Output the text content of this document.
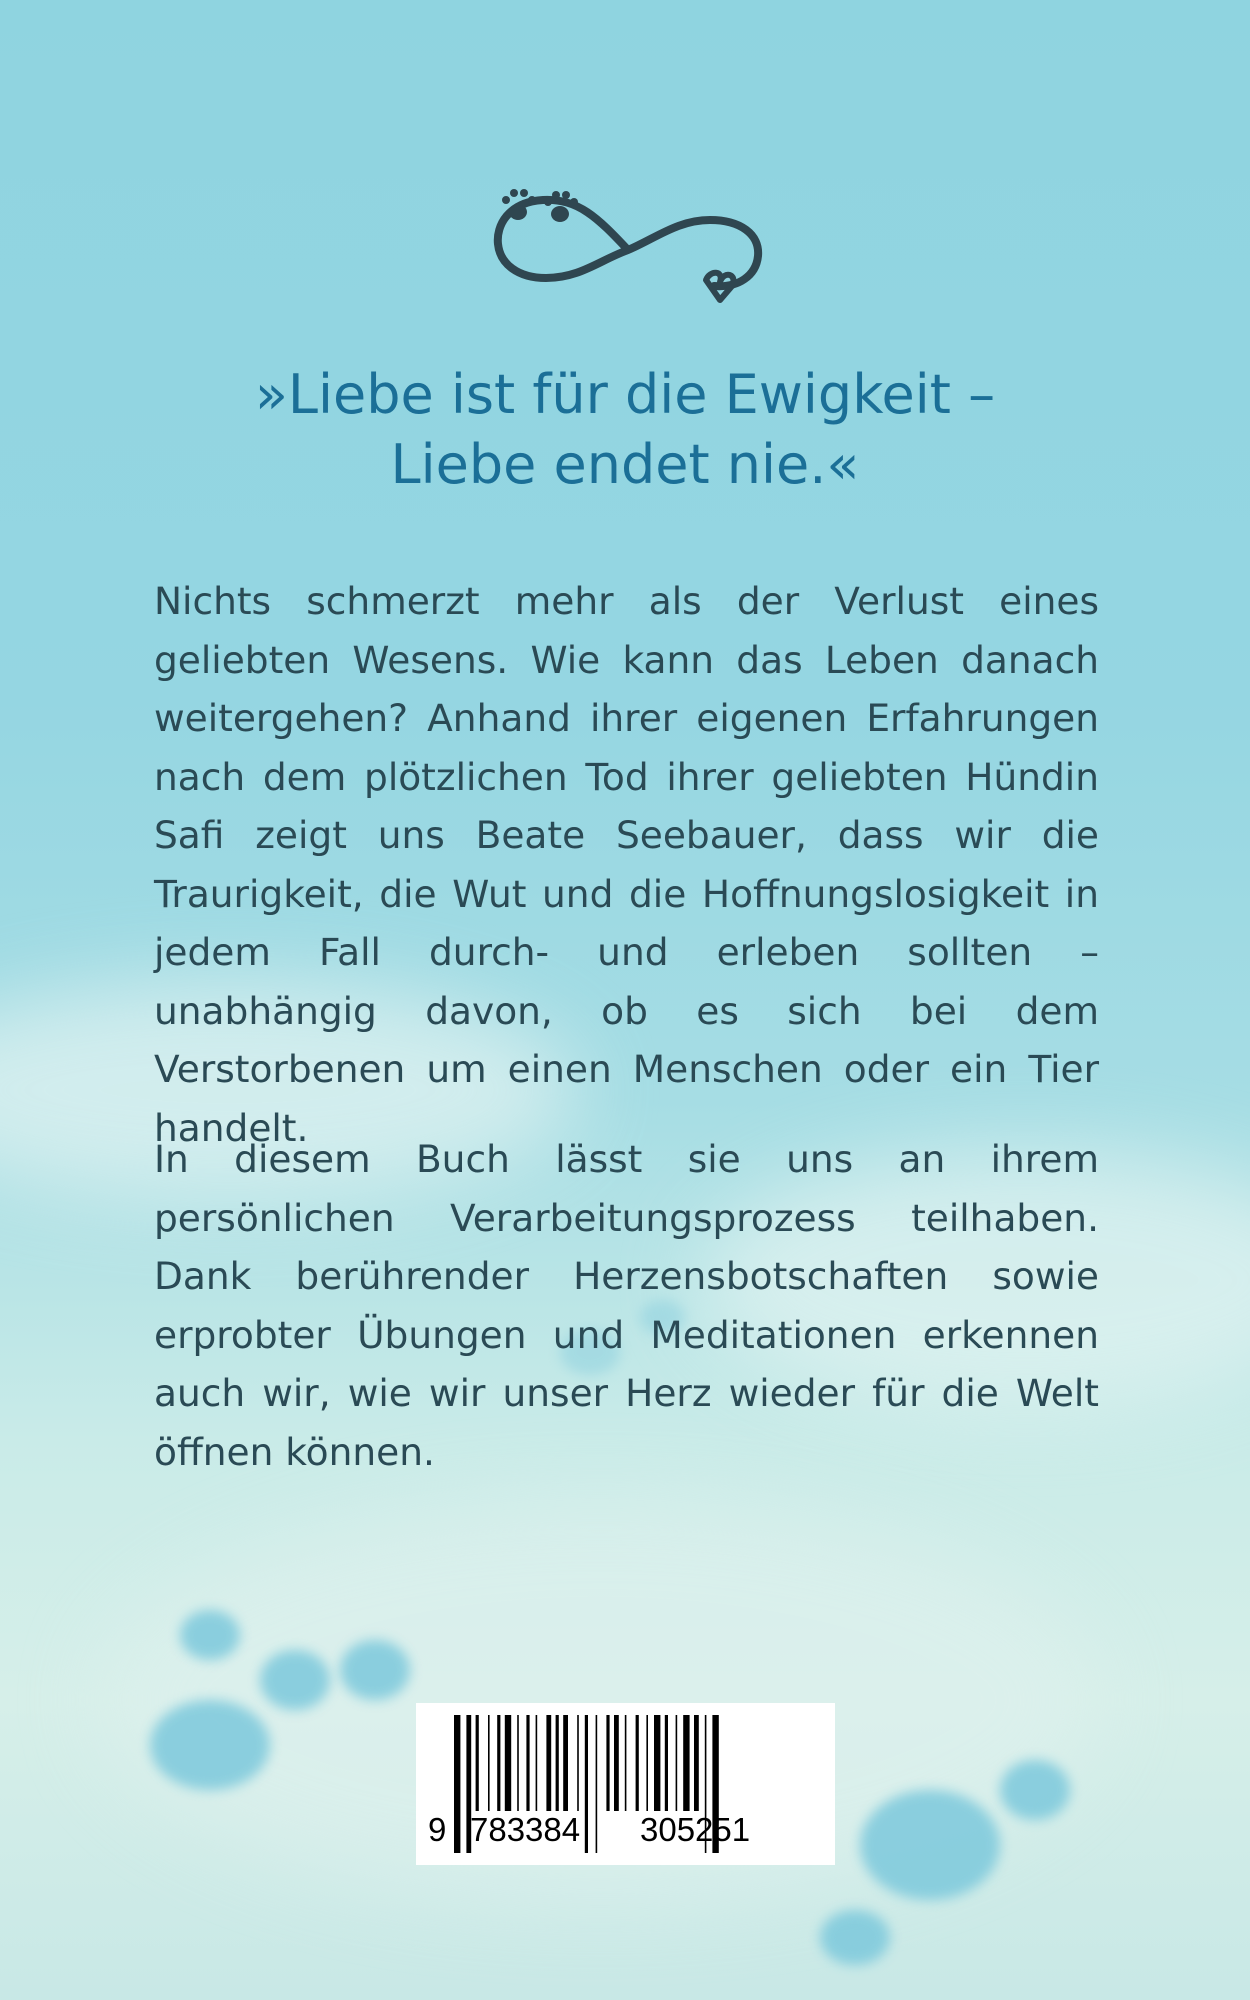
»Liebe ist für die Ewigkeit –
Liebe endet nie.«

Nichts schmerzt mehr als der Verlust eines geliebten Wesens. Wie kann das Leben danach weitergehen? Anhand ihrer eigenen Erfahrungen nach dem plötzlichen Tod ihrer geliebten Hündin Safi zeigt uns Beate Seebauer, dass wir die Traurigkeit, die Wut und die Hoffnungslosigkeit in jedem Fall durch- und erleben sollten – unabhängig davon, ob es sich bei dem Verstorbenen um einen Menschen oder ein Tier handelt.

In diesem Buch lässt sie uns an ihrem persönlichen Verarbeitungsprozess teilhaben. Dank berührender Herzensbotschaften sowie erprobter Übungen und Meditationen erkennen auch wir, wie wir unser Herz wieder für die Welt öffnen können.

9 783384 305251
